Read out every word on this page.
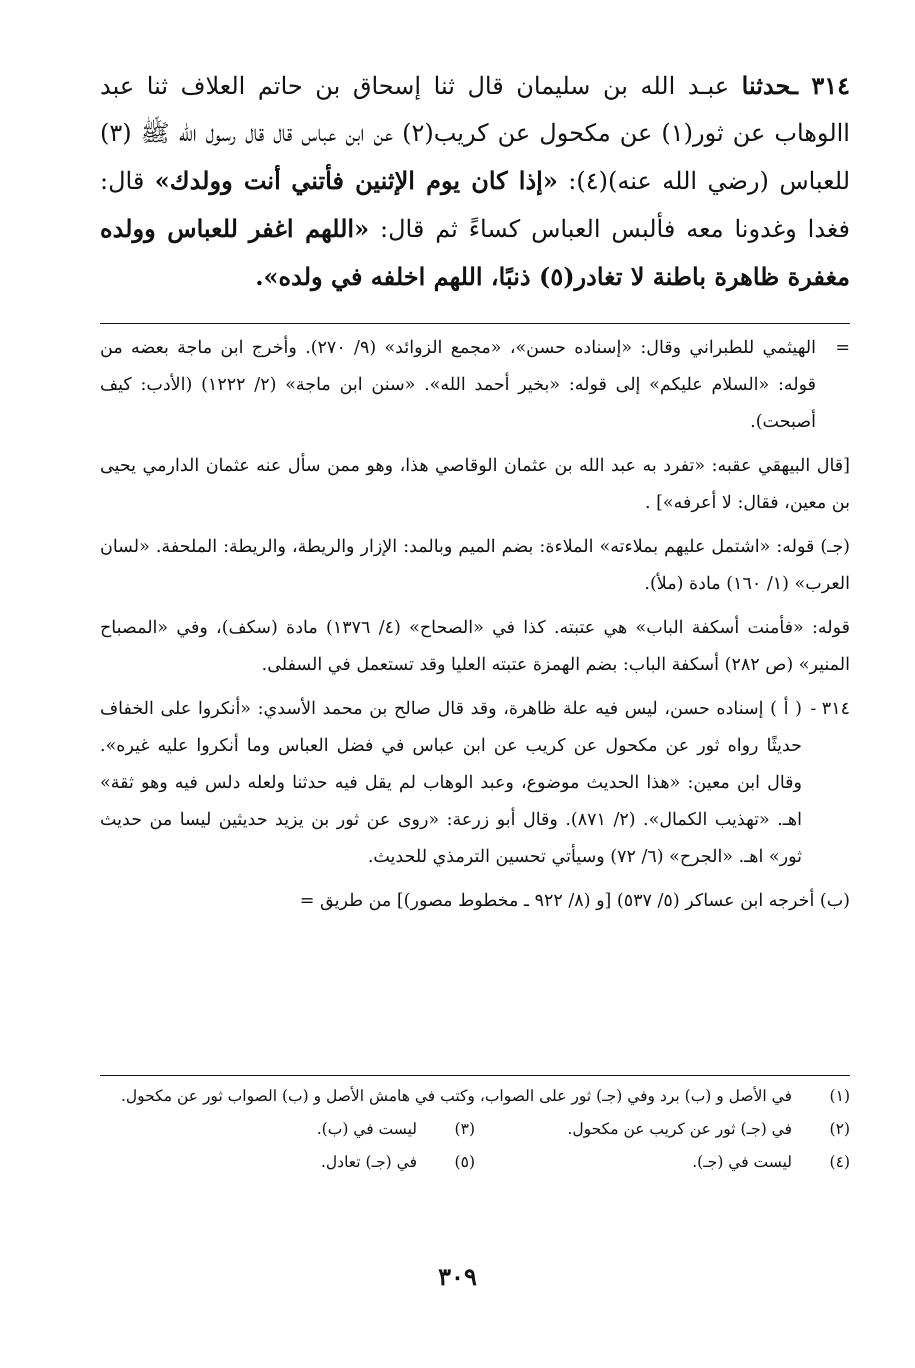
٣١٤ ـحدثنا عبـد الله بن سليمان قال ثنا إسحاق بن حاتم العلاف ثنا عبد االوهاب عن ثور(١) عن مكحول عن كريب(٢) عن ابن عباس قال قال رسول الله ﷺ (٣) للعباس (رضي الله عنه)(٤): «إذا كان يوم الإثنين فأتني أنت وولدك» قال: فغدا وغدونا معه فألبس العباس كساءً ثم قال: «اللهم اغفر للعباس وولده مغفرة ظاهرة باطنة لا تغادر(٥) ذنبًا، اللهم اخلفه في ولده».

=
الهيثمي للطبراني وقال: «إسناده حسن»، «مجمع الزوائد» (٩/ ٢٧٠). وأخرج ابن ماجة بعضه من قوله: «السلام عليكم» إلى قوله: «بخير أحمد الله». «سنن ابن ماجة» (٢/ ١٢٢٢) (الأدب: كيف أصبحت).

[قال البيهقي عقبه: «تفرد به عبد الله بن عثمان الوقاصي هذا، وهو ممن سأل عنه عثمان الدارمي يحيى بن معين، فقال: لا أعرفه»] .

(جـ) قوله: «اشتمل عليهم بملاءته» الملاءة: بضم الميم وبالمد: الإزار والريطة، والريطة: الملحفة. «لسان العرب» (١/ ١٦٠) مادة (ملأ).

قوله: «فأمنت أسكفة الباب» هي عتبته. كذا في «الصحاح» (٤/ ١٣٧٦) مادة (سكف)، وفي «المصباح المنير» (ص ٢٨٢) أسكفة الباب: بضم الهمزة عتبته العليا وقد تستعمل في السفلى.

٣١٤ -
( أ ) إسناده حسن، ليس فيه علة ظاهرة، وقد قال صالح بن محمد الأسدي: «أنكروا على الخفاف حديثًا رواه ثور عن مكحول عن كريب عن ابن عباس في فضل العباس وما أنكروا عليه غيره». وقال ابن معين: «هذا الحديث موضوع، وعبد الوهاب لم يقل فيه حدثنا ولعله دلس فيه وهو ثقة» اهـ. «تهذيب الكمال». (٢/ ٨٧١). وقال أبو زرعة: «روى عن ثور بن يزيد حديثين ليسا من حديث ثور» اهـ. «الجرح» (٦/ ٧٢) وسيأتي تحسين الترمذي للحديث.

(ب) أخرجه ابن عساكر (٥/ ٥٣٧) [و (٨/ ٩٢٢ ـ مخطوط مصور)] من طريق =

(١)
في الأصل و (ب) برد وفي (جـ) ثور على الصواب، وكتب في هامش الأصل و (ب) الصواب ثور عن مكحول.
(٢)
في (جـ) ثور عن كريب عن مكحول.
(٣)
ليست في (ب).
(٤)
ليست في (جـ).
(٥)
في (جـ) تعادل.
٣٠٩
